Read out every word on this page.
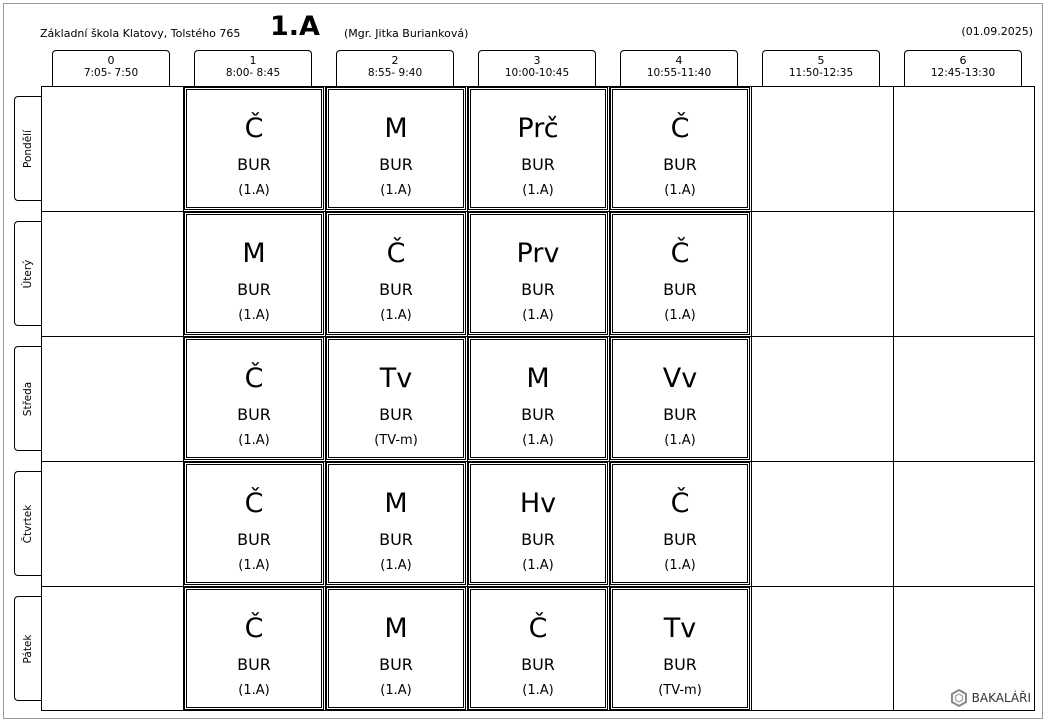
Základní škola Klatovy, Tolstého 765 1.A (Mgr. Jitka Burianková)	(01.09.2025)
0
7:05- 7:50
1
8:00- 8:45
2
8:55- 9:40
3
10:00-10:45
4
10:55-11:40
5
11:50-12:35
6
12:45-13:30
Pondělí
Úterý
Středa
Čtvrtek
Pátek
Č
BUR
(1.A)
M
BUR
(1.A)
Prč
BUR
(1.A)
Č
BUR
(1.A)
M
BUR
(1.A)
Č
BUR
(1.A)
Prv
BUR
(1.A)
Č
BUR
(1.A)
Č
BUR
(1.A)
Tv
BUR
(TV-m)
M
BUR
(1.A)
Vv
BUR
(1.A)
Č
BUR
(1.A)
M
BUR
(1.A)
Hv
BUR
(1.A)
Č
BUR
(1.A)
Č
BUR
(1.A)
M
BUR
(1.A)
Č
BUR
(1.A)
Tv
BUR
(TV-m)	BAKALÁŘI
